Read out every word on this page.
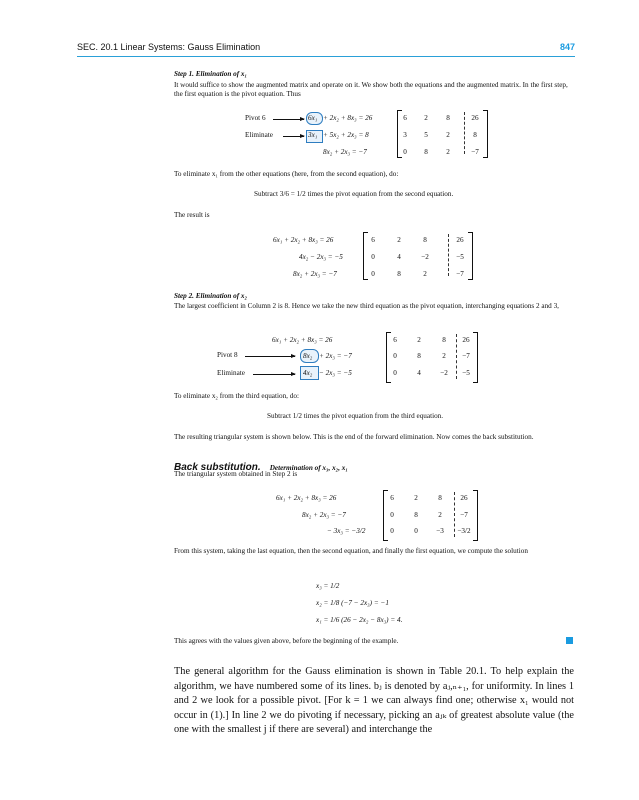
SEC. 20.1 Linear Systems: Gauss Elimination	847
Step 1. Elimination of x₁
It would suffice to show the augmented matrix and operate on it. We show both the equations and the augmented matrix. In the first step, the first equation is the pivot equation. Thus
Pivot 6
Eliminate
6x₁ + 2x₂ + 8x₃ = 26
3x₁ + 5x₂ + 2x₃ = 8
8x₂ + 2x₃ = −7
6	2	8	26
3	5	2	8
0	8	2	−7
To eliminate x₁ from the other equations (here, from the second equation), do:
Subtract 3/6 = 1/2 times the pivot equation from the second equation.
The result is
6x₁ + 2x₂ + 8x₃ = 26
4x₂ − 2x₃ = −5
8x₂ + 2x₃ = −7
6	2	8	26
0	4	−2	−5
0	8	2	−7
Step 2. Elimination of x₂
The largest coefficient in Column 2 is 8. Hence we take the new third equation as the pivot equation, interchanging equations 2 and 3,
6x₁ + 2x₂ + 8x₃ = 26
Pivot 8
Eliminate
8x₂ + 2x₃ = −7
4x₂ − 2x₃ = −5
6	2	8	26
0	8	2	−7
0	4	−2	−5
To eliminate x₂ from the third equation, do:
Subtract 1/2 times the pivot equation from the third equation.
The resulting triangular system is shown below. This is the end of the forward elimination. Now comes the back substitution.
Back substitution. Determination of x₃, x₂, x₁
The triangular system obtained in Step 2 is
6x₁ + 2x₂ + 8x₃ = 26
8x₂ + 2x₃ = −7
− 3x₃ = −3/2
6	2	8	26
0	8	2	−7
0	0	−3	−3/2
From this system, taking the last equation, then the second equation, and finally the first equation, we compute the solution
x₃ = 1/2
x₂ = 1/8 (−7 − 2x₃) = −1
x₁ = 1/6 (26 − 2x₂ − 8x₃) = 4.
This agrees with the values given above, before the beginning of the example.
The general algorithm for the Gauss elimination is shown in Table 20.1. To help explain the algorithm, we have numbered some of its lines. bⱼ is denoted by aⱼ,ₙ₊₁, for uniformity. In lines 1 and 2 we look for a possible pivot. [For k = 1 we can always find one; otherwise x₁ would not occur in (1).] In line 2 we do pivoting if necessary, picking an aⱼₖ of greatest absolute value (the one with the smallest j if there are several) and interchange the
